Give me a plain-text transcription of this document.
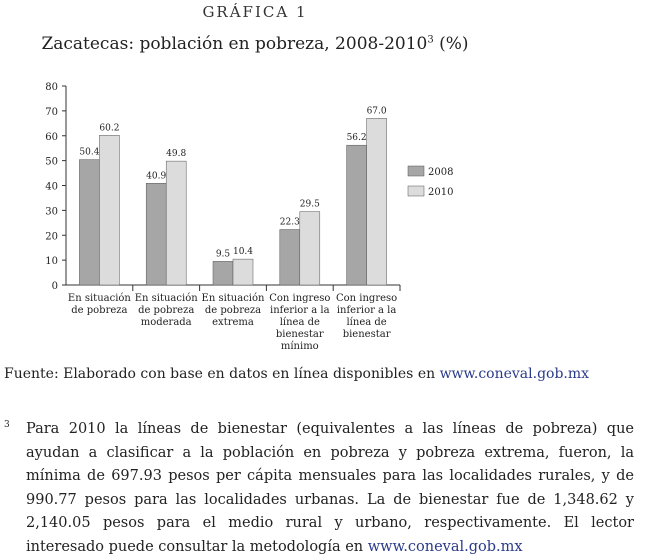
GRÁFICA 1
Zacatecas: población en pobreza, 2008-2010$^3$ (%)
0
10
20
30
40
50
60
70
80
50.4
60.2
En situación de pobreza
40.9
49.8
En situación de pobreza moderada
9.5 10.4
En situación de pobreza extrema
22.3
29.5
Con ingreso inferior a la línea de bienestar mínimo
56.2
67.0
Con ingreso inferior a la línea de bienestar
2008
2010
Fuente: Elaborado con base en datos en línea disponibles en www.coneval.gob.mx
3 Para 2010 la líneas de bienestar (equivalentes a las líneas de pobreza) que ayudan a clasificar a la población en pobreza y pobreza extrema, fueron, la mínima de 697.93 pesos per cápita mensuales para las localidades rurales, y de 990.77 pesos para las localidades urbanas. La de bienestar fue de 1,348.62 y 2,140.05 pesos para el medio rural y urbano, respectivamente. El lector interesado puede consultar la metodología en www.coneval.gob.mx
